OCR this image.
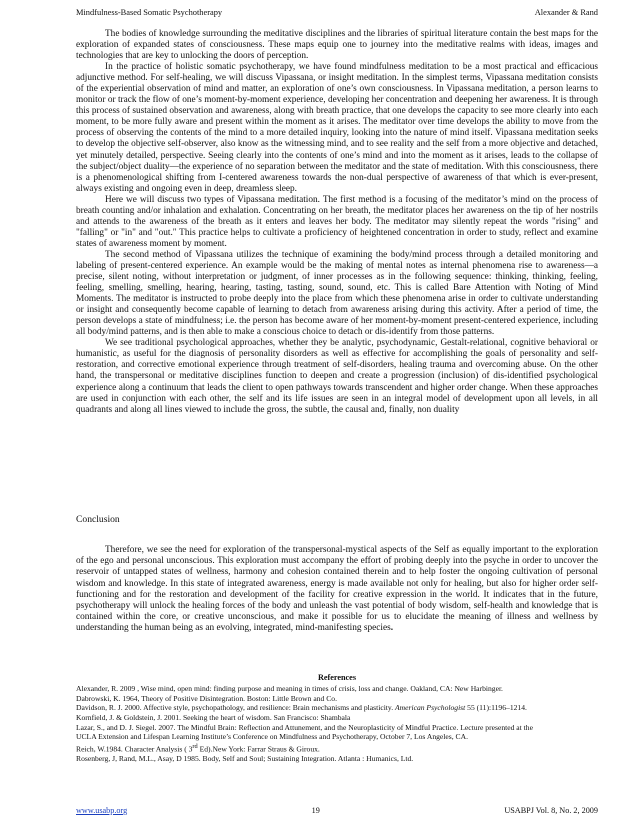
Mindfulness-Based Somatic Psychotherapy	Alexander & Rand

The bodies of knowledge surrounding the meditative disciplines and the libraries of spiritual literature contain the best maps for the exploration of expanded states of consciousness. These maps equip one to journey into the meditative realms with ideas, images and technologies that are key to unlocking the doors of perception.

In the practice of holistic somatic psychotherapy, we have found mindfulness meditation to be a most practical and efficacious adjunctive method. For self-healing, we will discuss Vipassana, or insight meditation. In the simplest terms, Vipassana meditation consists of the experiential observation of mind and matter, an exploration of one’s own consciousness. In Vipassana meditation, a person learns to monitor or track the flow of one’s moment-by-moment experience, developing her concentration and deepening her awareness. It is through this process of sustained observation and awareness, along with breath practice, that one develops the capacity to see more clearly into each moment, to be more fully aware and present within the moment as it arises. The meditator over time develops the ability to move from the process of observing the contents of the mind to a more detailed inquiry, looking into the nature of mind itself. Vipassana meditation seeks to develop the objective self-observer, also know as the witnessing mind, and to see reality and the self from a more objective and detached, yet minutely detailed, perspective. Seeing clearly into the contents of one’s mind and into the moment as it arises, leads to the collapse of the subject/object duality—the experience of no separation between the meditator and the state of meditation. With this consciousness, there is a phenomenological shifting from I-centered awareness towards the non-dual perspective of awareness of that which is ever-present, always existing and ongoing even in deep, dreamless sleep.

Here we will discuss two types of Vipassana meditation. The first method is a focusing of the meditator’s mind on the process of breath counting and/or inhalation and exhalation. Concentrating on her breath, the meditator places her awareness on the tip of her nostrils and attends to the awareness of the breath as it enters and leaves her body. The meditator may silently repeat the words "rising" and "falling" or "in" and "out." This practice helps to cultivate a proficiency of heightened concentration in order to study, reflect and examine states of awareness moment by moment.

The second method of Vipassana utilizes the technique of examining the body/mind process through a detailed monitoring and labeling of present-centered experience. An example would be the making of mental notes as internal phenomena rise to awareness—a precise, silent noting, without interpretation or judgment, of inner processes as in the following sequence: thinking, thinking, feeling, feeling, smelling, smelling, hearing, hearing, tasting, tasting, sound, sound, etc. This is called Bare Attention with Noting of Mind Moments. The meditator is instructed to probe deeply into the place from which these phenomena arise in order to cultivate understanding or insight and consequently become capable of learning to detach from awareness arising during this activity. After a period of time, the person develops a state of mindfulness; i.e. the person has become aware of her moment-by-moment present-centered experience, including all body/mind patterns, and is then able to make a conscious choice to detach or dis-identify from those patterns.

We see traditional psychological approaches, whether they be analytic, psychodynamic, Gestalt-relational, cognitive behavioral or humanistic, as useful for the diagnosis of personality disorders as well as effective for accomplishing the goals of personality and self-restoration, and corrective emotional experience through treatment of self-disorders, healing trauma and overcoming abuse. On the other hand, the transpersonal or meditative disciplines function to deepen and create a progression (inclusion) of dis-identified psychological experience along a continuum that leads the client to open pathways towards transcendent and higher order change. When these approaches are used in conjunction with each other, the self and its life issues are seen in an integral model of development upon all levels, in all quadrants and along all lines viewed to include the gross, the subtle, the causal and, finally, non duality

Conclusion

Therefore, we see the need for exploration of the transpersonal-mystical aspects of the Self as equally important to the exploration of the ego and personal unconscious. This exploration must accompany the effort of probing deeply into the psyche in order to uncover the reservoir of untapped states of wellness, harmony and cohesion contained therein and to help foster the ongoing cultivation of personal wisdom and knowledge. In this state of integrated awareness, energy is made available not only for healing, but also for higher order self-functioning and for the restoration and development of the facility for creative expression in the world. It indicates that in the future, psychotherapy will unlock the healing forces of the body and unleash the vast potential of body wisdom, self-health and knowledge that is contained within the core, or creative unconscious, and make it possible for us to elucidate the meaning of illness and wellness by understanding the human being as an evolving, integrated, mind-manifesting species.

References
Alexander, R. 2009 , Wise mind, open mind: finding purpose and meaning in times of crisis, loss and change. Oakland, CA: New Harbinger.
Dabrowski, K. 1964, Theory of Positive Disintegration. Boston: Little Brown and Co.
Davidson, R. J. 2000. Affective style, psychopathology, and resilience: Brain mechanisms and plasticity. American Psychologist 55 (11):1196–1214.
Kornfield, J. & Goldstein, J. 2001. Seeking the heart of wisdom. San Francisco: Shambala
Lazar, S., and D. J. Siegel. 2007. The Mindful Brain: Reflection and Attunement, and the Neuroplasticity of Mindful Practice. Lecture presented at the
UCLA Extension and Lifespan Learning Institute’s Conference on Mindfulness and Psychotherapy, October 7, Los Angeles, CA.
Reich, W.1984. Character Analysis ( 3rd Ed).New York: Farrar Straus & Giroux.
Rosenberg, J, Rand, M.L., Asay, D 1985. Body, Self and Soul; Sustaining Integration. Atlanta : Humanics, Ltd.
www.usabp.org	19	USABPJ Vol. 8, No. 2, 2009
